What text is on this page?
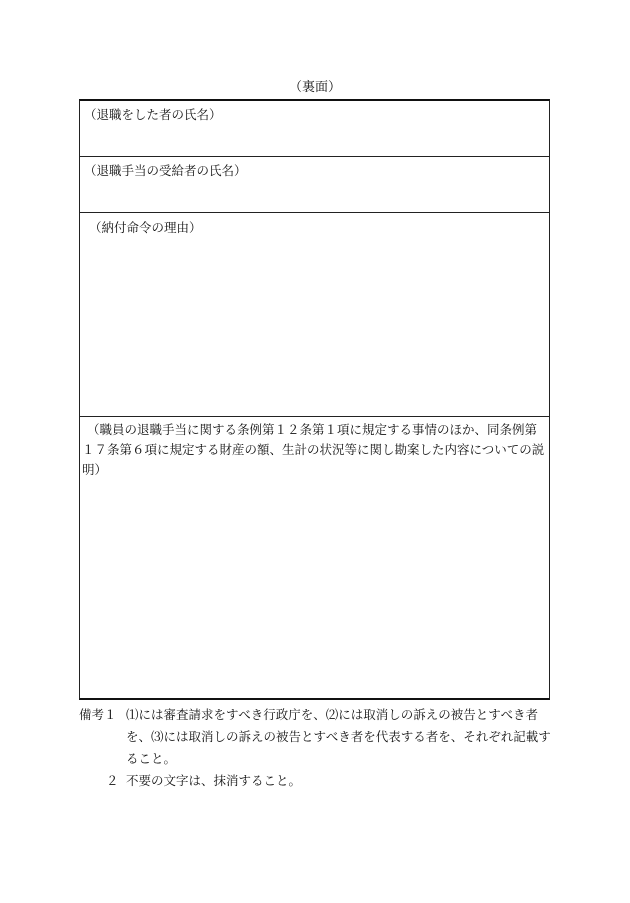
（裏面）
（退職をした者の氏名）
（退職手当の受給者の氏名）
（納付命令の理由）
（職員の退職手当に関する条例第１２条第１項に規定する事情のほか、同条例第１７条第６項に規定する財産の額、生計の状況等に関し勘案した内容についての説明）
備考１ ⑴には審査請求をすべき行政庁を、⑵には取消しの訴えの被告とすべき者
を、⑶には取消しの訴えの被告とすべき者を代表する者を、それぞれ記載すること。
２ 不要の文字は、抹消すること。
